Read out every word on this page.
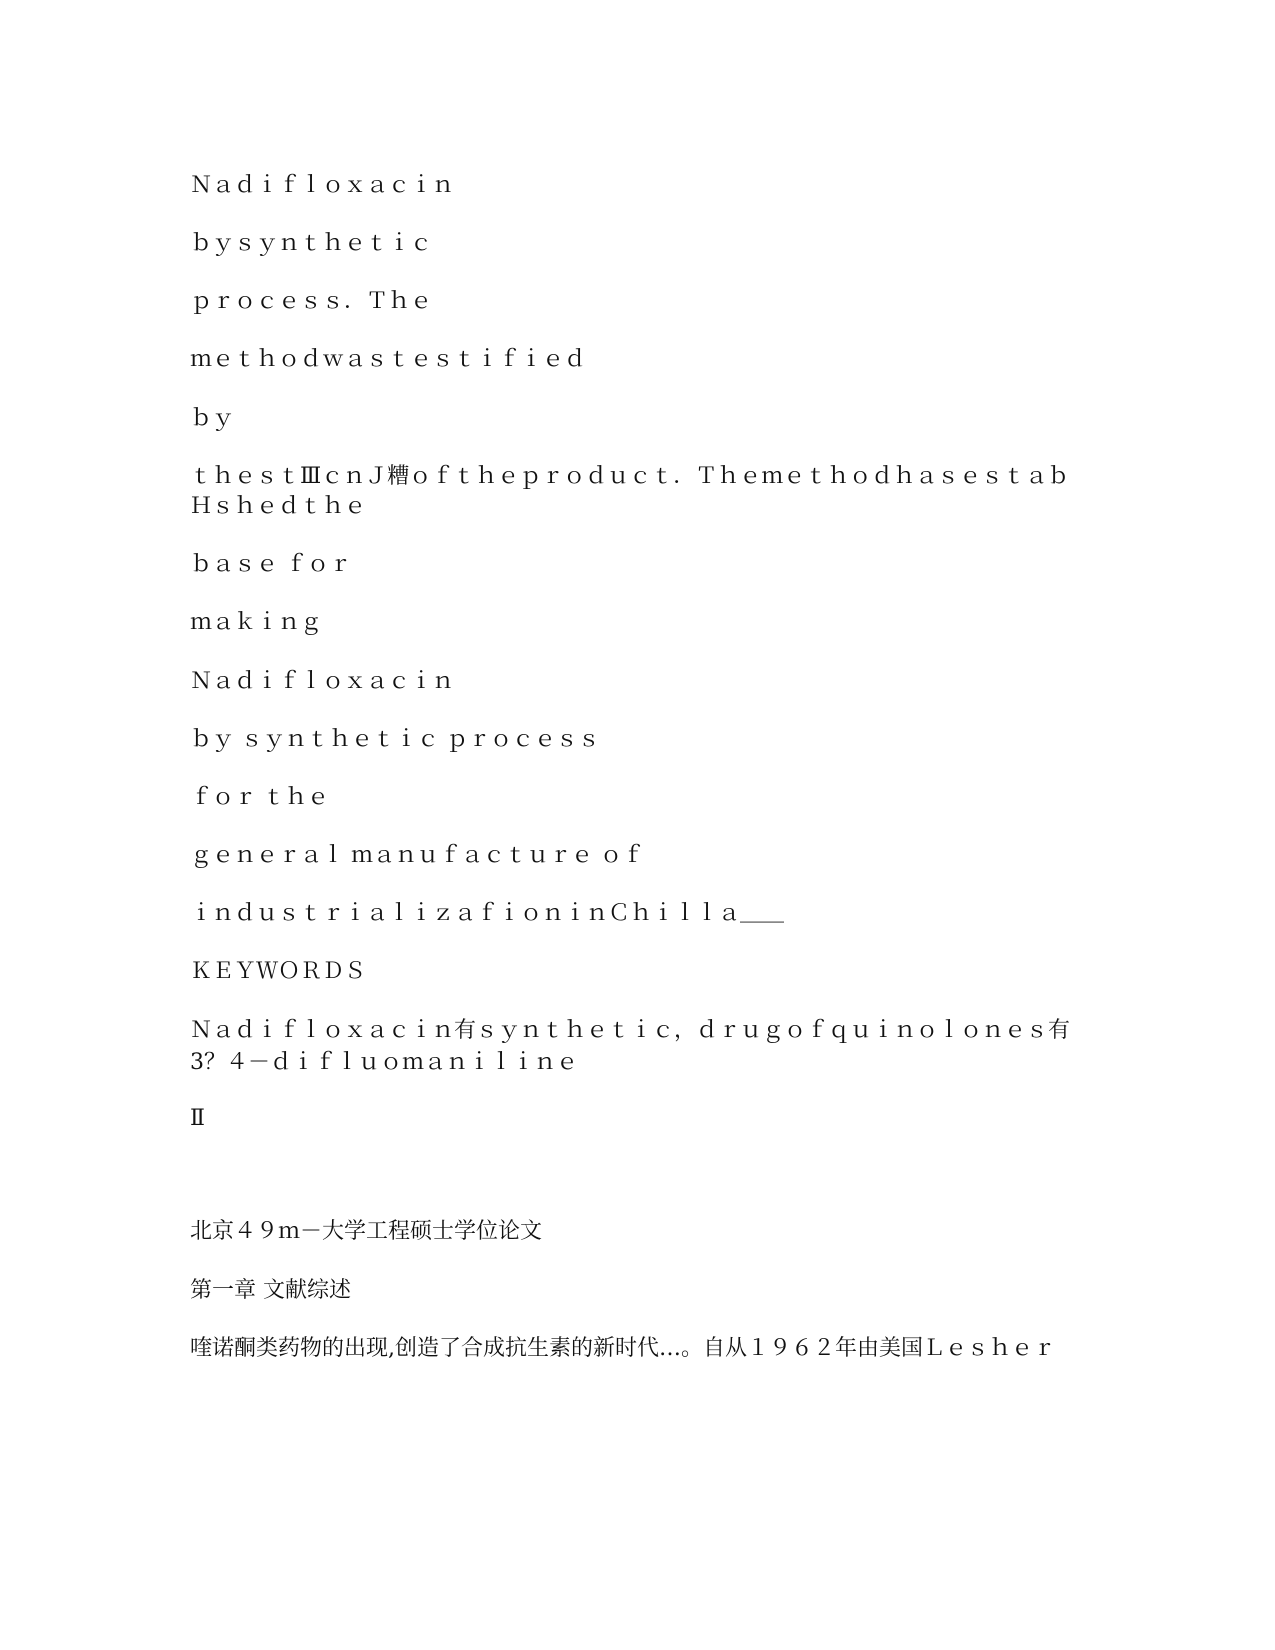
Ｎａｄｉｆｌｏｘａｃｉｎ
ｂｙｓｙｎｔｈｅｔｉｃ
ｐｒｏｃｅｓｓ．Ｔｈｅ
ｍｅｔｈｏｄｗａｓｔｅｓｔｉｆｉｅｄ
ｂｙ
ｔｈｅｓｔⅢｃｎＪ糟ｏｆｔｈｅｐｒｏｄｕｃｔ．Ｔｈｅｍｅｔｈｏｄｈａｓｅｓｔａｂ
Ｈｓｈｅｄｔｈｅ
ｂａｓｅ ｆｏｒ
ｍａｋｉｎｇ
Ｎａｄｉｆｌｏｘａｃｉｎ
ｂｙ ｓｙｎｔｈｅｔｉｃ ｐｒｏｃｅｓｓ
ｆｏｒ ｔｈｅ
ｇｅｎｅｒａｌ ｍａｎｕｆａｃｔｕｒｅ ｏｆ
ｉｎｄｕｓｔｒｉａｌｉｚａｆｉｏｎｉｎＣｈｉｌｌａ＿＿
ＫＥＹＷＯＲＤＳ
Ｎａｄｉｆｌｏｘａｃｉｎ有ｓｙｎｔｈｅｔｉｃ，ｄｒｕｇｏｆｑｕｉｎｏｌｏｎｅｓ有3？４－ｄｉｆｌｕｏｍａｎｉｌｉｎｅ
Ⅱ
北京４９ｍ－大学工程硕士学位论文
第一章 文献综述
喹诺酮类药物的出现,创造了合成抗生素的新时代…。自从１９６２年由美国Ｌｅｓｈｅｒ
